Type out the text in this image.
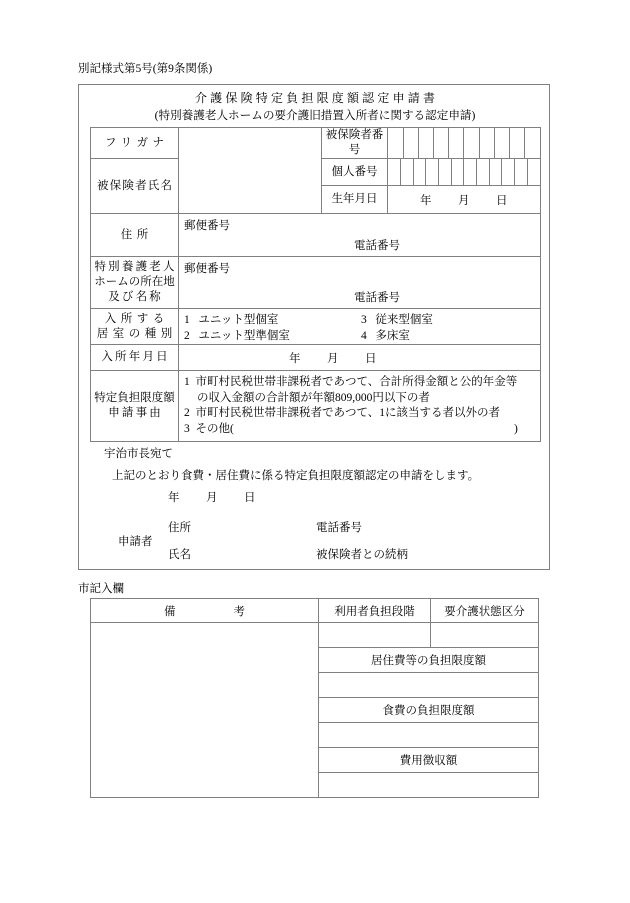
別記様式第5号(第9条関係)
介護保険特定負担限度額認定申請書
(特別養護老人ホームの要介護旧措置入所者に関する認定申請)
フリガナ		被保険者番号	

被保険者氏名	個人番号	

生年月日	年 月 日

住所	
郵便番号
電話番号

特別養護老人
ホームの所在地
及び名称

郵便番号
電話番号

入所する
居室の種別

1 ユニット型個室	3 従来型個室
2 ユニット型準個室	4 多床室

入所年月日	年 月 日

特定負担限度額
申請事由

1 市町村民税世帯非課税者であつて、合計所得金額と公的年金等
の収入金額の合計額が年額809,000円以下の者
2 市町村民税世帯非課税者であつて、1に該当する者以外の者
3 その他(	)
宇治市長宛て
上記のとおり食費・居住費に係る特定負担限度額認定の申請をします。
年 月 日
申請者
住所	電話番号
氏名	被保険者との続柄
市記入欄
備考	利用者負担段階	要介護状態区分

	居住費等の負担限度額	

	食費の負担限度額	

	費用徴収額	
